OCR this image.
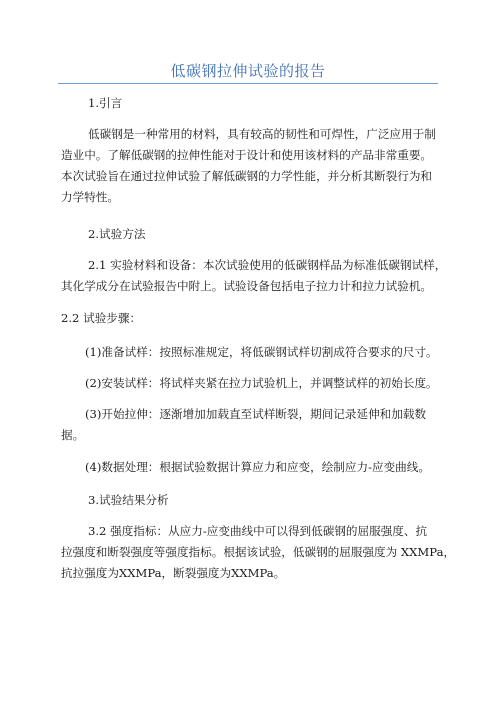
低碳钢拉伸试验的报告

1.引言

低碳钢是一种常用的材料，具有较高的韧性和可焊性，广泛应用于制
造业中。了解低碳钢的拉伸性能对于设计和使用该材料的产品非常重要。
本次试验旨在通过拉伸试验了解低碳钢的力学性能，并分析其断裂行为和
力学特性。

2.试验方法

2.1 实验材料和设备：本次试验使用的低碳钢样品为标准低碳钢试样，
其化学成分在试验报告中附上。试验设备包括电子拉力计和拉力试验机。

2.2 试验步骤：

(1)准备试样：按照标准规定，将低碳钢试样切割成符合要求的尺寸。

(2)安装试样：将试样夹紧在拉力试验机上，并调整试样的初始长度。

(3)开始拉伸：逐渐增加加载直至试样断裂，期间记录延伸和加载数
据。

(4)数据处理：根据试验数据计算应力和应变，绘制应力-应变曲线。

3.试验结果分析

3.2 强度指标：从应力-应变曲线中可以得到低碳钢的屈服强度、抗
拉强度和断裂强度等强度指标。根据该试验，低碳钢的屈服强度为 XXMPa，
抗拉强度为XXMPa，断裂强度为XXMPa。
